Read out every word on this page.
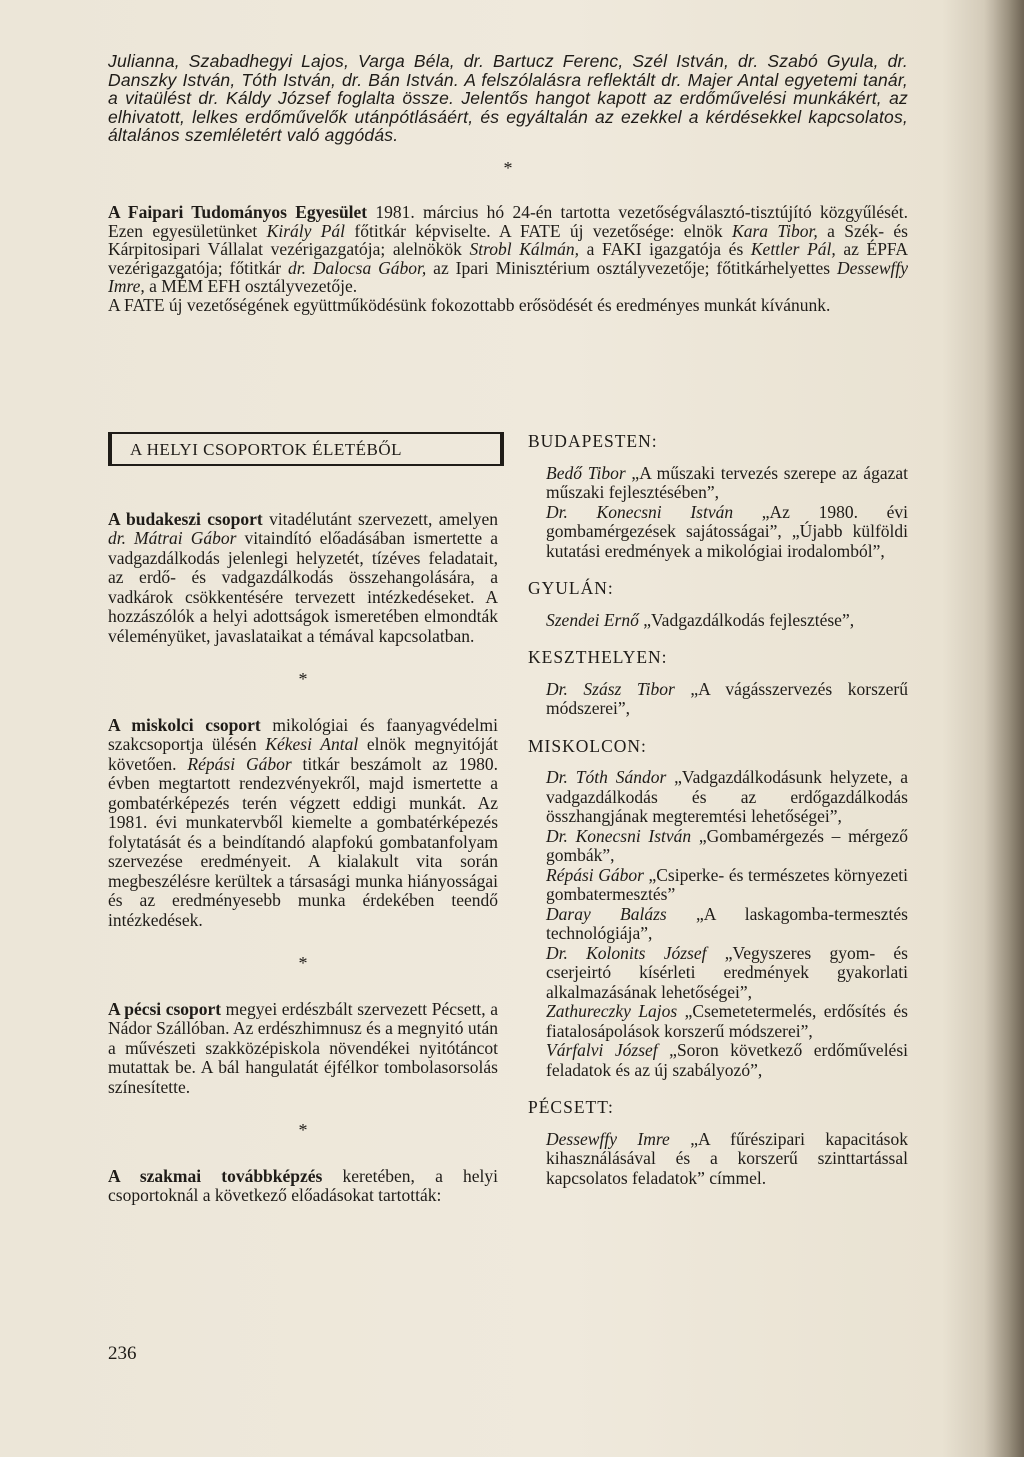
Julianna, Szabadhegyi Lajos, Varga Béla, dr. Bartucz Ferenc, Szél István, dr. Szabó Gyula, dr. Danszky István, Tóth István, dr. Bán István. A felszólalásra reflektált dr. Majer Antal egyetemi tanár, a vitaülést dr. Káldy József foglalta össze. Jelentős hangot kapott az erdőművelési munkákért, az elhivatott, lelkes erdőművelők utánpótlásáért, és egyáltalán az ezekkel a kérdésekkel kapcsolatos, általános szemléletért való aggódás.

*

A Faipari Tudományos Egyesület 1981. március hó 24-én tartotta vezetőségválasztó-tisztújító közgyűlését. Ezen egyesületünket Király Pál főtitkár képviselte. A FATE új vezetősége: elnök Kara Tibor, a Szék- és Kárpitosipari Vállalat vezérigazgatója; alelnökök Strobl Kálmán, a FAKI igazgatója és Kettler Pál, az ÉPFA vezérigazgatója; főtitkár dr. Dalocsa Gábor, az Ipari Minisztérium osztályvezetője; főtitkárhelyettes Dessewffy Imre, a MÉM EFH osztályvezetője.

A FATE új vezetőségének együttműködésünk fokozottabb erősödését és eredményes munkát kívánunk.

A HELYI CSOPORTOK ÉLETÉBŐL

A budakeszi csoport vitadélutánt szervezett, amelyen dr. Mátrai Gábor vitaindító előadásában ismertette a vadgazdálkodás jelenlegi helyzetét, tízéves feladatait, az erdő- és vadgazdálkodás összehangolására, a vadkárok csökkentésére tervezett intézkedéseket. A hozzászólók a helyi adottságok ismeretében elmondták véleményüket, javaslataikat a témával kapcsolatban.

*

A miskolci csoport mikológiai és faanyagvédelmi szakcsoportja ülésén Kékesi Antal elnök megnyitóját követően. Répási Gábor titkár beszámolt az 1980. évben megtartott rendezvényekről, majd ismertette a gombatérképezés terén végzett eddigi munkát. Az 1981. évi munkatervből kiemelte a gombatérképezés folytatását és a beindítandó alapfokú gombatanfolyam szervezése eredményeit. A kialakult vita során megbeszélésre kerültek a társasági munka hiányosságai és az eredményesebb munka érdekében teendő intézkedések.

*

A pécsi csoport megyei erdészbált szervezett Pécsett, a Nádor Szállóban. Az erdészhimnusz és a megnyitó után a művészeti szakközépiskola növendékei nyitótáncot mutattak be. A bál hangulatát éjfélkor tombolasorsolás színesítette.

*

A szakmai továbbképzés keretében, a helyi csoportoknál a következő előadásokat tartották:

BUDAPESTEN:

Bedő Tibor „A műszaki tervezés szerepe az ágazat műszaki fejlesztésében”,

Dr. Konecsni István „Az 1980. évi gombamérgezések sajátosságai”, „Újabb külföldi kutatási eredmények a mikológiai irodalomból”,

GYULÁN:

Szendei Ernő „Vadgazdálkodás fejlesztése”,

KESZTHELYEN:

Dr. Szász Tibor „A vágásszervezés korszerű módszerei”,

MISKOLCON:

Dr. Tóth Sándor „Vadgazdálkodásunk helyzete, a vadgazdálkodás és az erdőgazdálkodás összhangjának megteremtési lehetőségei”,

Dr. Konecsni István „Gombamérgezés – mérgező gombák”,

Répási Gábor „Csiperke- és természetes környezeti gombatermesztés”

Daray Balázs „A laskagomba-termesztés technológiája”,

Dr. Kolonits József „Vegyszeres gyom- és cserjeirtó kísérleti eredmények gyakorlati alkalmazásának lehetőségei”,

Zathureczky Lajos „Csemetetermelés, erdősítés és fiatalosápolások korszerű módszerei”,

Várfalvi József „Soron következő erdőművelési feladatok és az új szabályozó”,

PÉCSETT:

Dessewffy Imre „A fűrészipari kapacitások kihasználásával és a korszerű szinttartással kapcsolatos feladatok” címmel.

236
